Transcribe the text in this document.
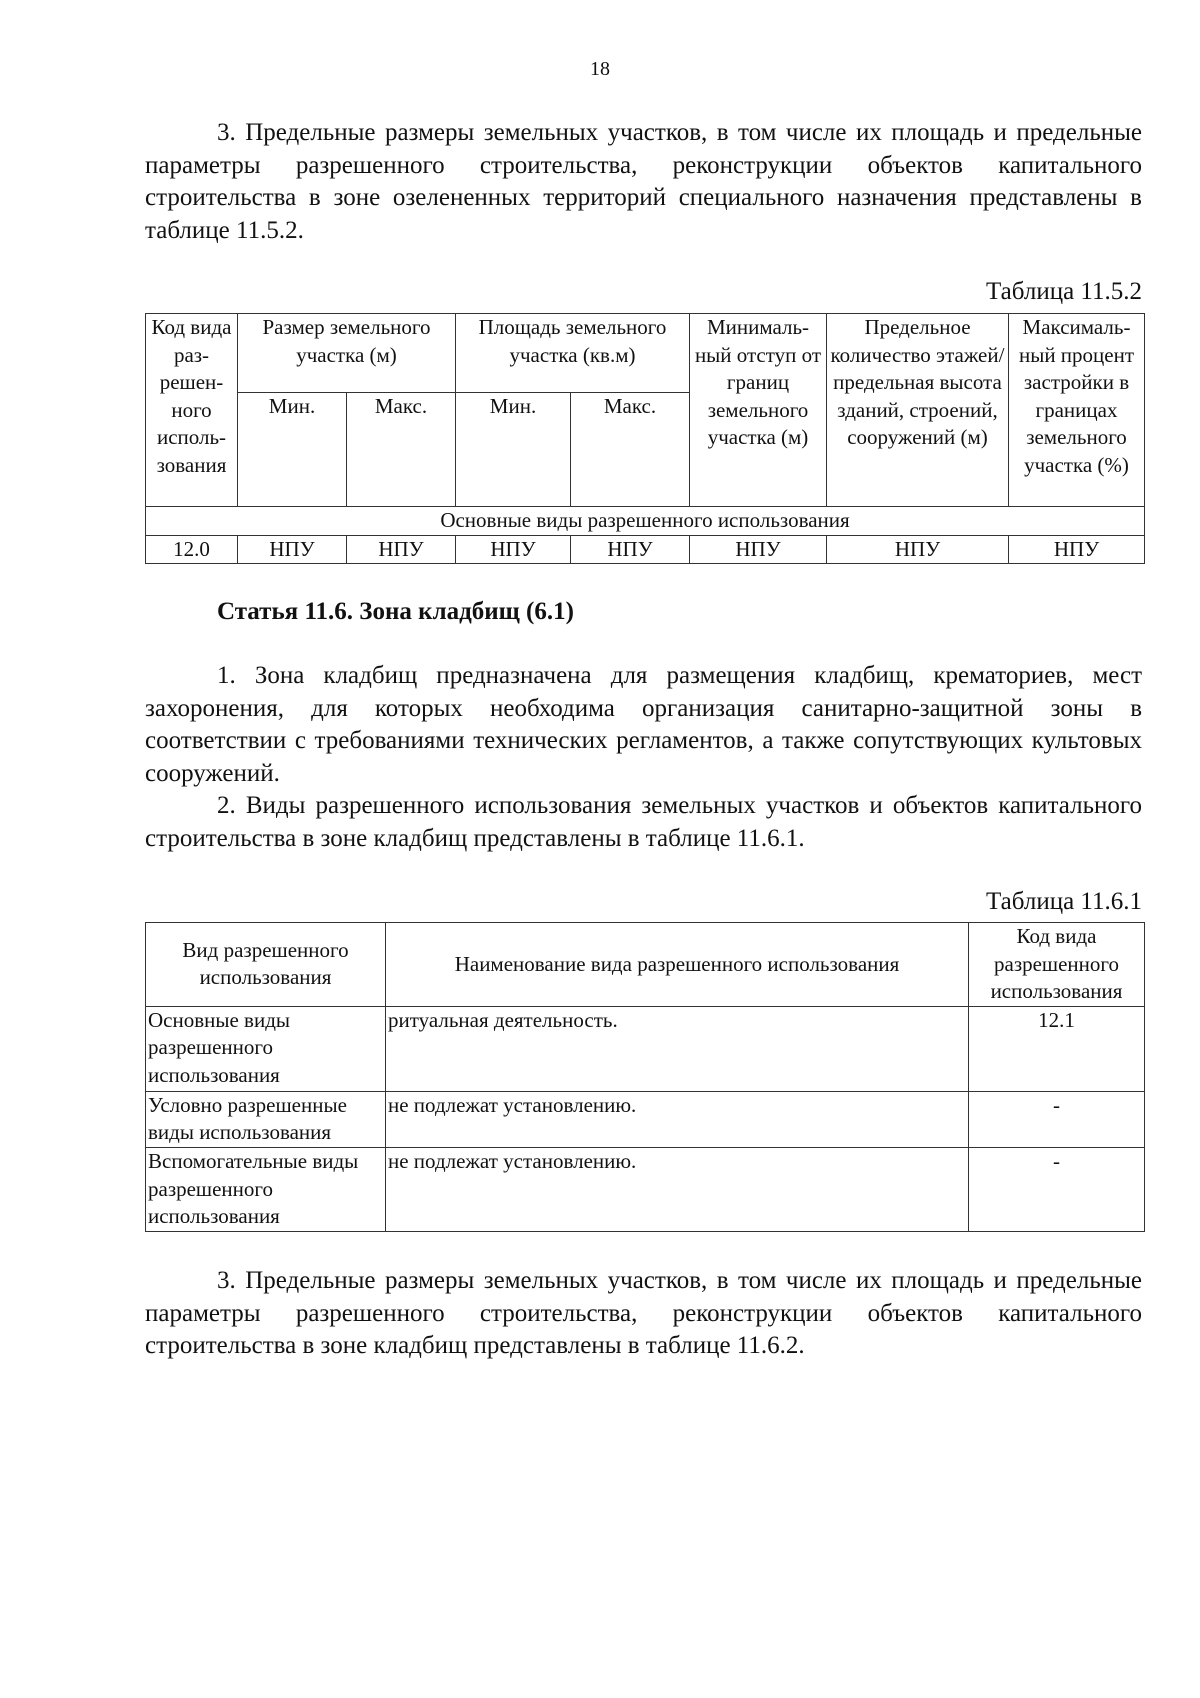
18

3. Предельные размеры земельных участков, в том числе их площадь и предельные параметры разрешенного строительства, реконструкции объектов капитального строительства в зоне озелененных территорий специального назначения представлены в таблице 11.5.2.

Таблица 11.5.2
Код вида раз-решен-ного исполь-зования	Размер земельного участка (м)		Площадь земельного участка (кв.м)		Минималь-ный отступ от границ земельного участка (м)	Предельное количество этажей/ предельная высота зданий, строений, сооружений (м)	Максималь-ный процент застройки в границах земельного участка (%)
	Мин.	Макс.	Мин.	Макс.			
Основные виды разрешенного использования							
12.0	НПУ	НПУ	НПУ	НПУ	НПУ	НПУ	НПУ
Статья 11.6. Зона кладбищ (6.1)

1. Зона кладбищ предназначена для размещения кладбищ, крематориев, мест захоронения, для которых необходима организация санитарно-защитной зоны в соответствии с требованиями технических регламентов, а также сопутствующих культовых сооружений.

2. Виды разрешенного использования земельных участков и объектов капитального строительства в зоне кладбищ представлены в таблице 11.6.1.

Таблица 11.6.1
Вид разрешенного использования	Наименование вида разрешенного использования	Код вида разрешенного использования
Основные виды разрешенного использования	ритуальная деятельность.	12.1
Условно разрешенные виды использования	не подлежат установлению.	-
Вспомогательные виды разрешенного использования	не подлежат установлению.	-

3. Предельные размеры земельных участков, в том числе их площадь и предельные параметры разрешенного строительства, реконструкции объектов капитального строительства в зоне кладбищ представлены в таблице 11.6.2.
